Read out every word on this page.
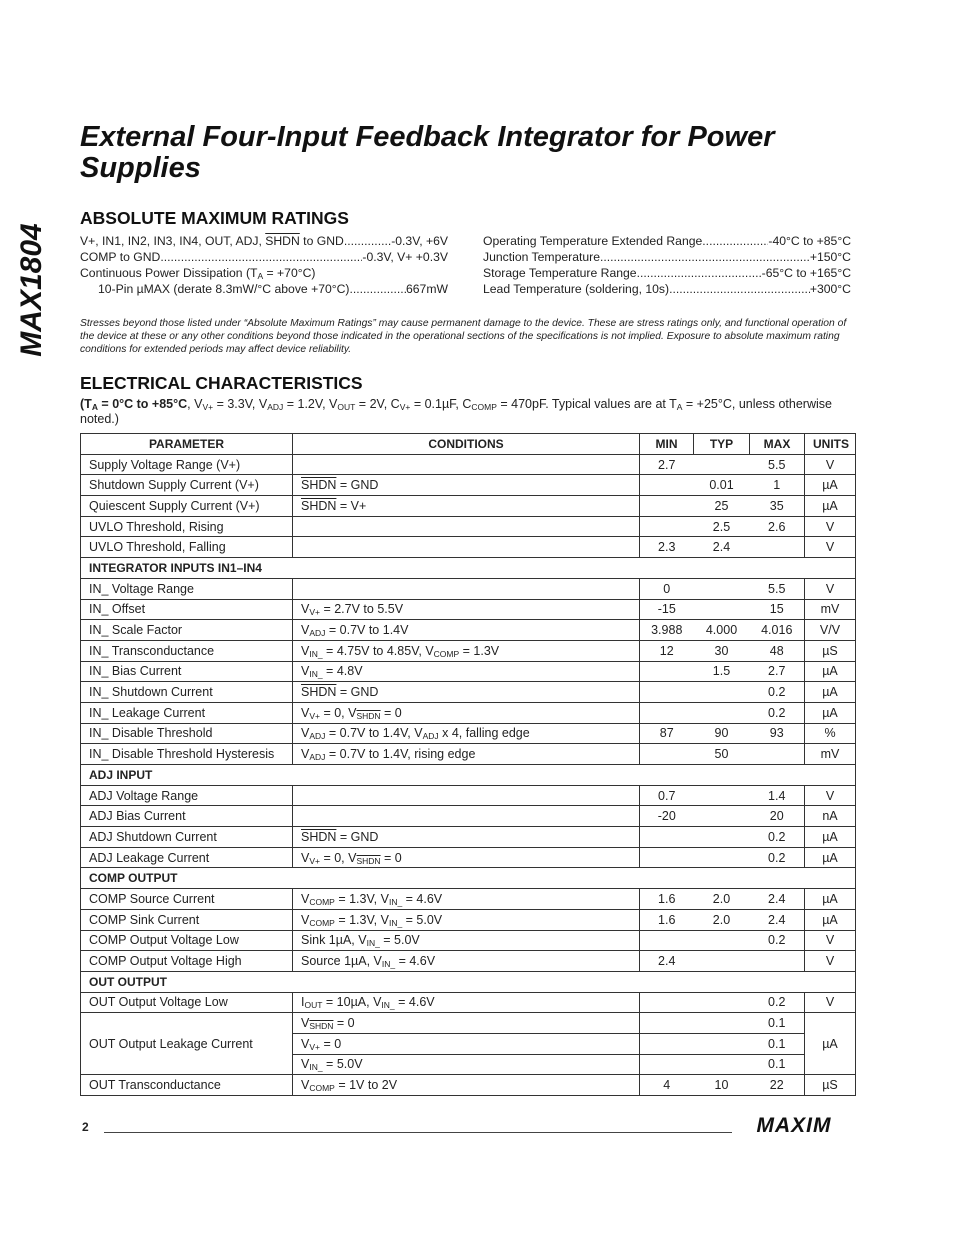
MAX1804
External Four-Input Feedback Integrator for Power Supplies
ABSOLUTE MAXIMUM RATINGS
V+, IN1, IN2, IN3, IN4, OUT, ADJ, SHDN to GND .....	-0.3V, +6V
COMP to GND .....	-0.3V, V+ +0.3V
Continuous Power Dissipation $(T_A = +70^\circ C)$
10-Pin µMAX (derate 8.3mW/°C above +70°C) .....	667mW
Operating Temperature Extended Range .....	-40°C to +85°C
Junction Temperature .....	+150°C
Storage Temperature Range .....	-65°C to +165°C
Lead Temperature (soldering, 10s) .....	+300°C

Stresses beyond those listed under “Absolute Maximum Ratings” may cause permanent damage to the device. These are stress ratings only, and functional operation of the device at these or any other conditions beyond those indicated in the operational sections of the specifications is not implied. Exposure to absolute maximum rating conditions for extended periods may affect device reliability.

ELECTRICAL CHARACTERISTICS

($T_A = 0^\circ C$ to +85°C, $V_{V+} = 3.3V$, $V_{ADJ} = 1.2V$, $V_{OUT} = 2V$, $C_{V+} = 0.1\mu F$, $C_{COMP} = 470pF$. Typical values are at $T_A = +25^\circ C$, unless otherwise noted.)

PARAMETER	CONDITIONS	MIN	TYP	MAX	UNITS
Supply Voltage Range (V+)		2.7		5.5	V
Shutdown Supply Current (V+)	SHDN = GND		0.01	1	µA
Quiescent Supply Current (V+)	SHDN = V+		25	35	µA
UVLO Threshold, Rising			2.5	2.6	V
UVLO Threshold, Falling		2.3	2.4		V
INTEGRATOR INPUTS IN1–IN4					
IN_ Voltage Range		0		5.5	V
IN_ Offset	$V_{V+} = 2.7V$ to 5.5V	-15		15	mV
IN_ Scale Factor	$V_{ADJ} = 0.7V$ to 1.4V	3.988	4.000	4.016	V/V
IN_ Transconductance	$V_{IN\_} = 4.75V$ to 4.85V, $V_{COMP} = 1.3V$	12	30	48	µS
IN_ Bias Current	$V_{IN\_} = 4.8V$		1.5	2.7	µA
IN_ Shutdown Current	SHDN = GND			0.2	µA
IN_ Leakage Current	$V_{V+} = 0$, $V_{SHDN} = 0$			0.2	µA
IN_ Disable Threshold	$V_{ADJ} = 0.7V$ to 1.4V, $V_{ADJ}$ x 4, falling edge	87	90	93	%
IN_ Disable Threshold Hysteresis	$V_{ADJ} = 0.7V$ to 1.4V, rising edge		50		mV
ADJ INPUT					
ADJ Voltage Range		0.7		1.4	V
ADJ Bias Current		-20		20	nA
ADJ Shutdown Current	SHDN = GND			0.2	µA
ADJ Leakage Current	$V_{V+} = 0$, $V_{SHDN} = 0$			0.2	µA
COMP OUTPUT					
COMP Source Current	$V_{COMP} = 1.3V$, $V_{IN\_} = 4.6V$	1.6	2.0	2.4	µA
COMP Sink Current	$V_{COMP} = 1.3V$, $V_{IN\_} = 5.0V$	1.6	2.0	2.4	µA
COMP Output Voltage Low	Sink 1µA, $V_{IN\_} = 5.0V$			0.2	V
COMP Output Voltage High	Source 1µA, $V_{IN\_} = 4.6V$	2.4			V
OUT OUTPUT					
OUT Output Voltage Low	$I_{OUT} = 10\mu A$, $V_{IN\_} = 4.6V$			0.2	V
OUT Output Leakage Current	$V_{SHDN} = 0$			0.1	µA
	$V_{V+} = 0$			0.1	
	$V_{IN\_} = 5.0V$			0.1	
OUT Transconductance	$V_{COMP} = 1V$ to 2V	4	10	22	µS
2	MAXIM
